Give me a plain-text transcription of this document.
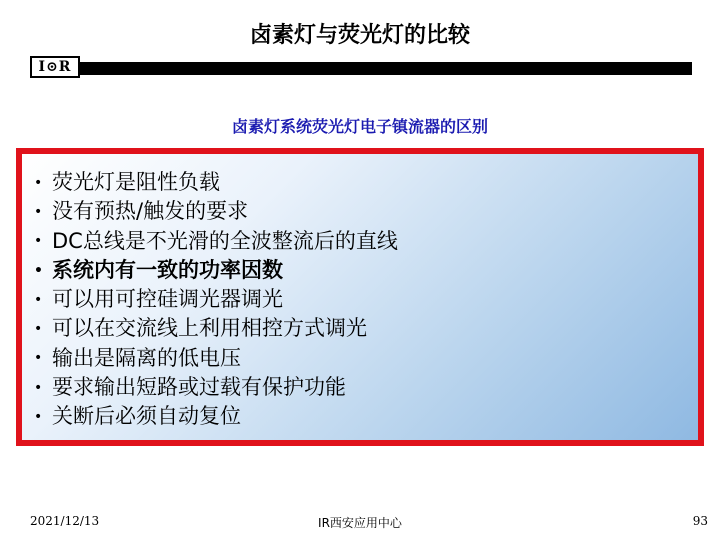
卤素灯与荧光灯的比较
I⊙R
卤素灯系统荧光灯电子镇流器的区别
• 荧光灯是阻性负载
• 没有预热/触发的要求
• DC总线是不光滑的全波整流后的直线
• 系统内有一致的功率因数
• 可以用可控硅调光器调光
• 可以在交流线上利用相控方式调光
• 输出是隔离的低电压
• 要求输出短路或过载有保护功能
• 关断后必须自动复位
2021/12/13	IR西安应用中心	93
